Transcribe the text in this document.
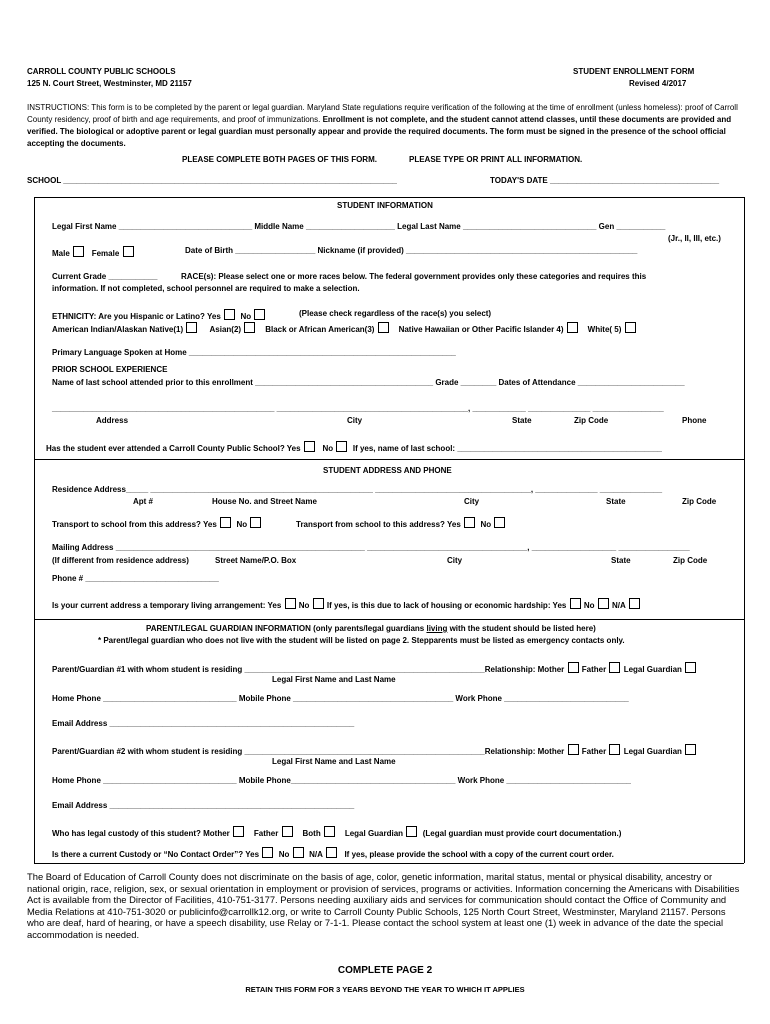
CARROLL COUNTY PUBLIC SCHOOLS
125 N. Court Street, Westminster, MD 21157
STUDENT ENROLLMENT FORM
Revised 4/2017
INSTRUCTIONS: This form is to be completed by the parent or legal guardian. Maryland State regulations require verification of the following at the time of enrollment (unless homeless): proof of Carroll County residency, proof of birth and age requirements, and proof of immunizations. Enrollment is not complete, and the student cannot attend classes, until these documents are provided and verified. The biological or adoptive parent or legal guardian must personally appear and provide the required documents. The form must be signed in the presence of the school official accepting the documents.
PLEASE COMPLETE BOTH PAGES OF THIS FORM.	PLEASE TYPE OR PRINT ALL INFORMATION.
SCHOOL ___________________________________________________________________________	TODAY'S DATE ______________________________________
STUDENT INFORMATION
Legal First Name ______________________________ Middle Name ____________________ Legal Last Name ______________________________ Gen ___________
(Jr., II, III, etc.)
Male	Female	Date of Birth __________________ Nickname (if provided) ____________________________________________________
Current Grade ___________	RACE(s): Please select one or more races below. The federal government provides only these categories and requires this
information. If not completed, school personnel are required to make a selection.
ETHNICITY: Are you Hispanic or Latino? Yes No	(Please check regardless of the race(s) you select)
American Indian/Alaskan Native(1)	Asian(2)	Black or African American(3)	Native Hawaiian or Other Pacific Islander 4)	White( 5)
Primary Language Spoken at Home ____________________________________________________________
PRIOR SCHOOL EXPERIENCE
Name of last school attended prior to this enrollment ________________________________________ Grade ________ Dates of Attendance ________________________
__________________________________________________ ___________________________________________, ____________ ______________ ________________
Address	City	State	Zip Code	Phone
Has the student ever attended a Carroll County Public School? Yes	No If yes, name of last school: ______________________________________________
STUDENT ADDRESS AND PHONE
Residence Address_____ __________________________________________________ ___________________________________, ______________ ______________
Apt #	House No. and Street Name	City	State	Zip Code
Transport to school from this address? Yes No	Transport from school to this address? Yes No
Mailing Address ________________________________________________________ ____________________________________, ___________________ ________________
(If different from residence address)	Street Name/P.O. Box	City	State	Zip Code
Phone # ______________________________
Is your current address a temporary living arrangement: Yes No If yes, is this due to lack of housing or economic hardship: Yes No N/A
PARENT/LEGAL GUARDIAN INFORMATION (only parents/legal guardians living with the student should be listed here)
* Parent/legal guardian who does not live with the student will be listed on page 2. Stepparents must be listed as emergency contacts only.
Parent/Guardian #1 with whom student is residing ______________________________________________________Relationship: Mother Father Legal Guardian
Legal First Name and Last Name
Home Phone ______________________________ Mobile Phone ____________________________________ Work Phone ____________________________
Email Address _______________________________________________________
Parent/Guardian #2 with whom student is residing ______________________________________________________Relationship: Mother Father Legal Guardian
Legal First Name and Last Name
Home Phone ______________________________ Mobile Phone_____________________________________ Work Phone ____________________________
Email Address _______________________________________________________
Who has legal custody of this student? Mother	Father	Both	Legal Guardian (Legal guardian must provide court documentation.)
Is there a current Custody or “No Contact Order”? Yes No N/A	If yes, please provide the school with a copy of the current court order.
The Board of Education of Carroll County does not discriminate on the basis of age, color, genetic information, marital status, mental or physical disability, ancestry or national origin, race, religion, sex, or sexual orientation in employment or provision of services, programs or activities. Information concerning the Americans with Disabilities Act is available from the Director of Facilities, 410-751-3177. Persons needing auxiliary aids and services for communication should contact the Office of Community and Media Relations at 410-751-3020 or publicinfo@carrollk12.org, or write to Carroll County Public Schools, 125 North Court Street, Westminster, Maryland 21157. Persons who are deaf, hard of hearing, or have a speech disability, use Relay or 7-1-1. Please contact the school system at least one (1) week in advance of the date the special accommodation is needed.
COMPLETE PAGE 2
RETAIN THIS FORM FOR 3 YEARS BEYOND THE YEAR TO WHICH IT APPLIES
